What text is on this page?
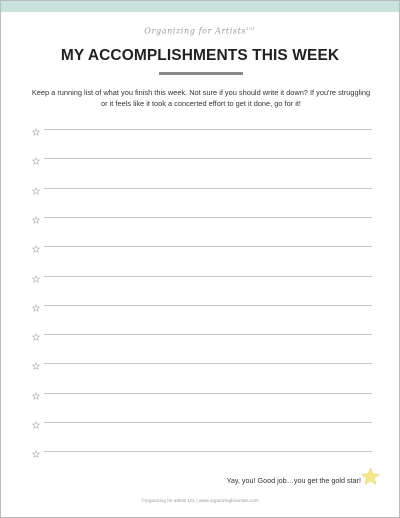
Organizing for Artists$^{101}$
MY ACCOMPLISHMENTS THIS WEEK
Keep a running list of what you finish this week. Not sure if you should write it down? If you're struggling or it feels like it took a concerted effort to get it done, go for it!
Yay, you! Good job…you get the gold star!
©organizing for artists 101 | www.organizingforartists.com
